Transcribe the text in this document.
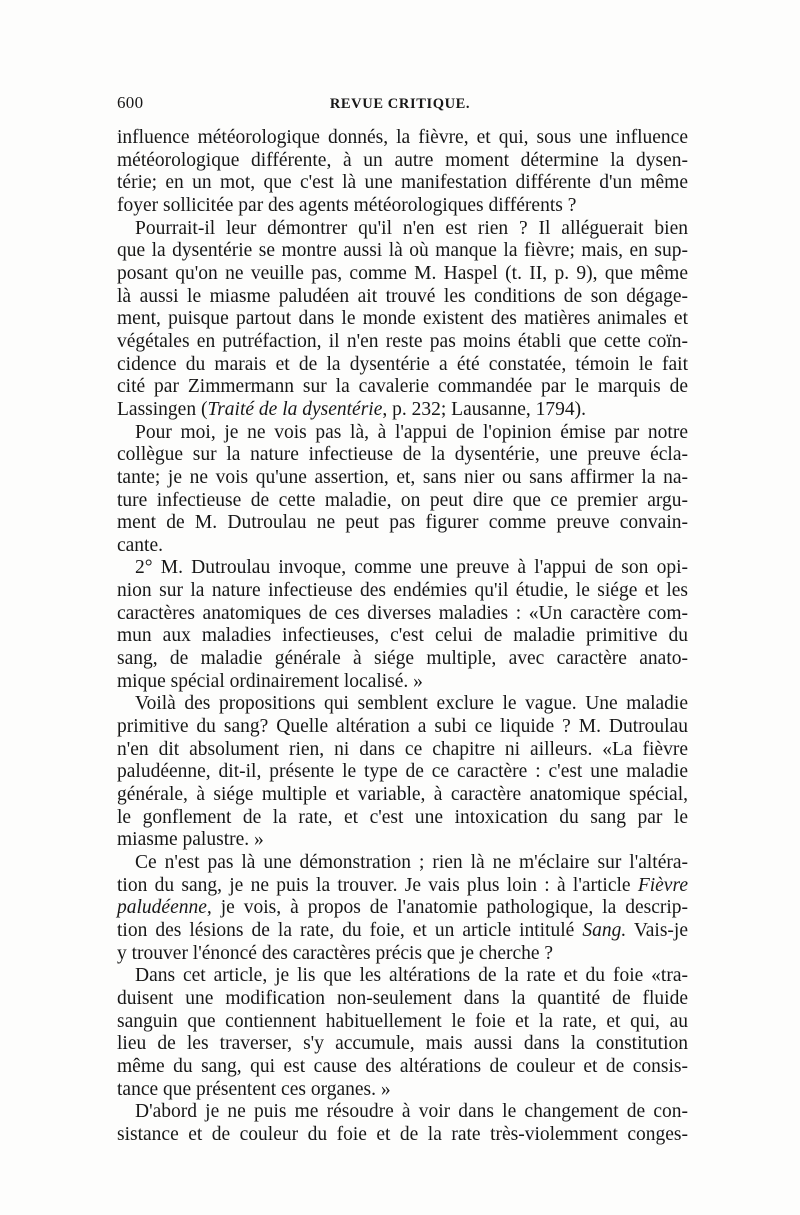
600	REVUE CRITIQUE.
influence météorologique donnés, la fièvre, et qui, sous une influence
météorologique différente, à un autre moment détermine la dysen-
térie; en un mot, que c'est là une manifestation différente d'un même
foyer sollicitée par des agents météorologiques différents ?
Pourrait-il leur démontrer qu'il n'en est rien ? Il alléguerait bien
que la dysentérie se montre aussi là où manque la fièvre; mais, en sup-
posant qu'on ne veuille pas, comme M. Haspel (t. II, p. 9), que même
là aussi le miasme paludéen ait trouvé les conditions de son dégage-
ment, puisque partout dans le monde existent des matières animales et
végétales en putréfaction, il n'en reste pas moins établi que cette coïn-
cidence du marais et de la dysentérie a été constatée, témoin le fait
cité par Zimmermann sur la cavalerie commandée par le marquis de
Lassingen (Traité de la dysentérie, p. 232; Lausanne, 1794).
Pour moi, je ne vois pas là, à l'appui de l'opinion émise par notre
collègue sur la nature infectieuse de la dysentérie, une preuve écla-
tante; je ne vois qu'une assertion, et, sans nier ou sans affirmer la na-
ture infectieuse de cette maladie, on peut dire que ce premier argu-
ment de M. Dutroulau ne peut pas figurer comme preuve convain-
cante.
2° M. Dutroulau invoque, comme une preuve à l'appui de son opi-
nion sur la nature infectieuse des endémies qu'il étudie, le siége et les
caractères anatomiques de ces diverses maladies : «Un caractère com-
mun aux maladies infectieuses, c'est celui de maladie primitive du
sang, de maladie générale à siége multiple, avec caractère anato-
mique spécial ordinairement localisé. »
Voilà des propositions qui semblent exclure le vague. Une maladie
primitive du sang? Quelle altération a subi ce liquide ? M. Dutroulau
n'en dit absolument rien, ni dans ce chapitre ni ailleurs. «La fièvre
paludéenne, dit-il, présente le type de ce caractère : c'est une maladie
générale, à siége multiple et variable, à caractère anatomique spécial,
le gonflement de la rate, et c'est une intoxication du sang par le
miasme palustre. »
Ce n'est pas là une démonstration ; rien là ne m'éclaire sur l'altéra-
tion du sang, je ne puis la trouver. Je vais plus loin : à l'article Fièvre
paludéenne, je vois, à propos de l'anatomie pathologique, la descrip-
tion des lésions de la rate, du foie, et un article intitulé Sang. Vais-je
y trouver l'énoncé des caractères précis que je cherche ?
Dans cet article, je lis que les altérations de la rate et du foie «tra-
duisent une modification non-seulement dans la quantité de fluide
sanguin que contiennent habituellement le foie et la rate, et qui, au
lieu de les traverser, s'y accumule, mais aussi dans la constitution
même du sang, qui est cause des altérations de couleur et de consis-
tance que présentent ces organes. »
D'abord je ne puis me résoudre à voir dans le changement de con-
sistance et de couleur du foie et de la rate très-violemment conges-
